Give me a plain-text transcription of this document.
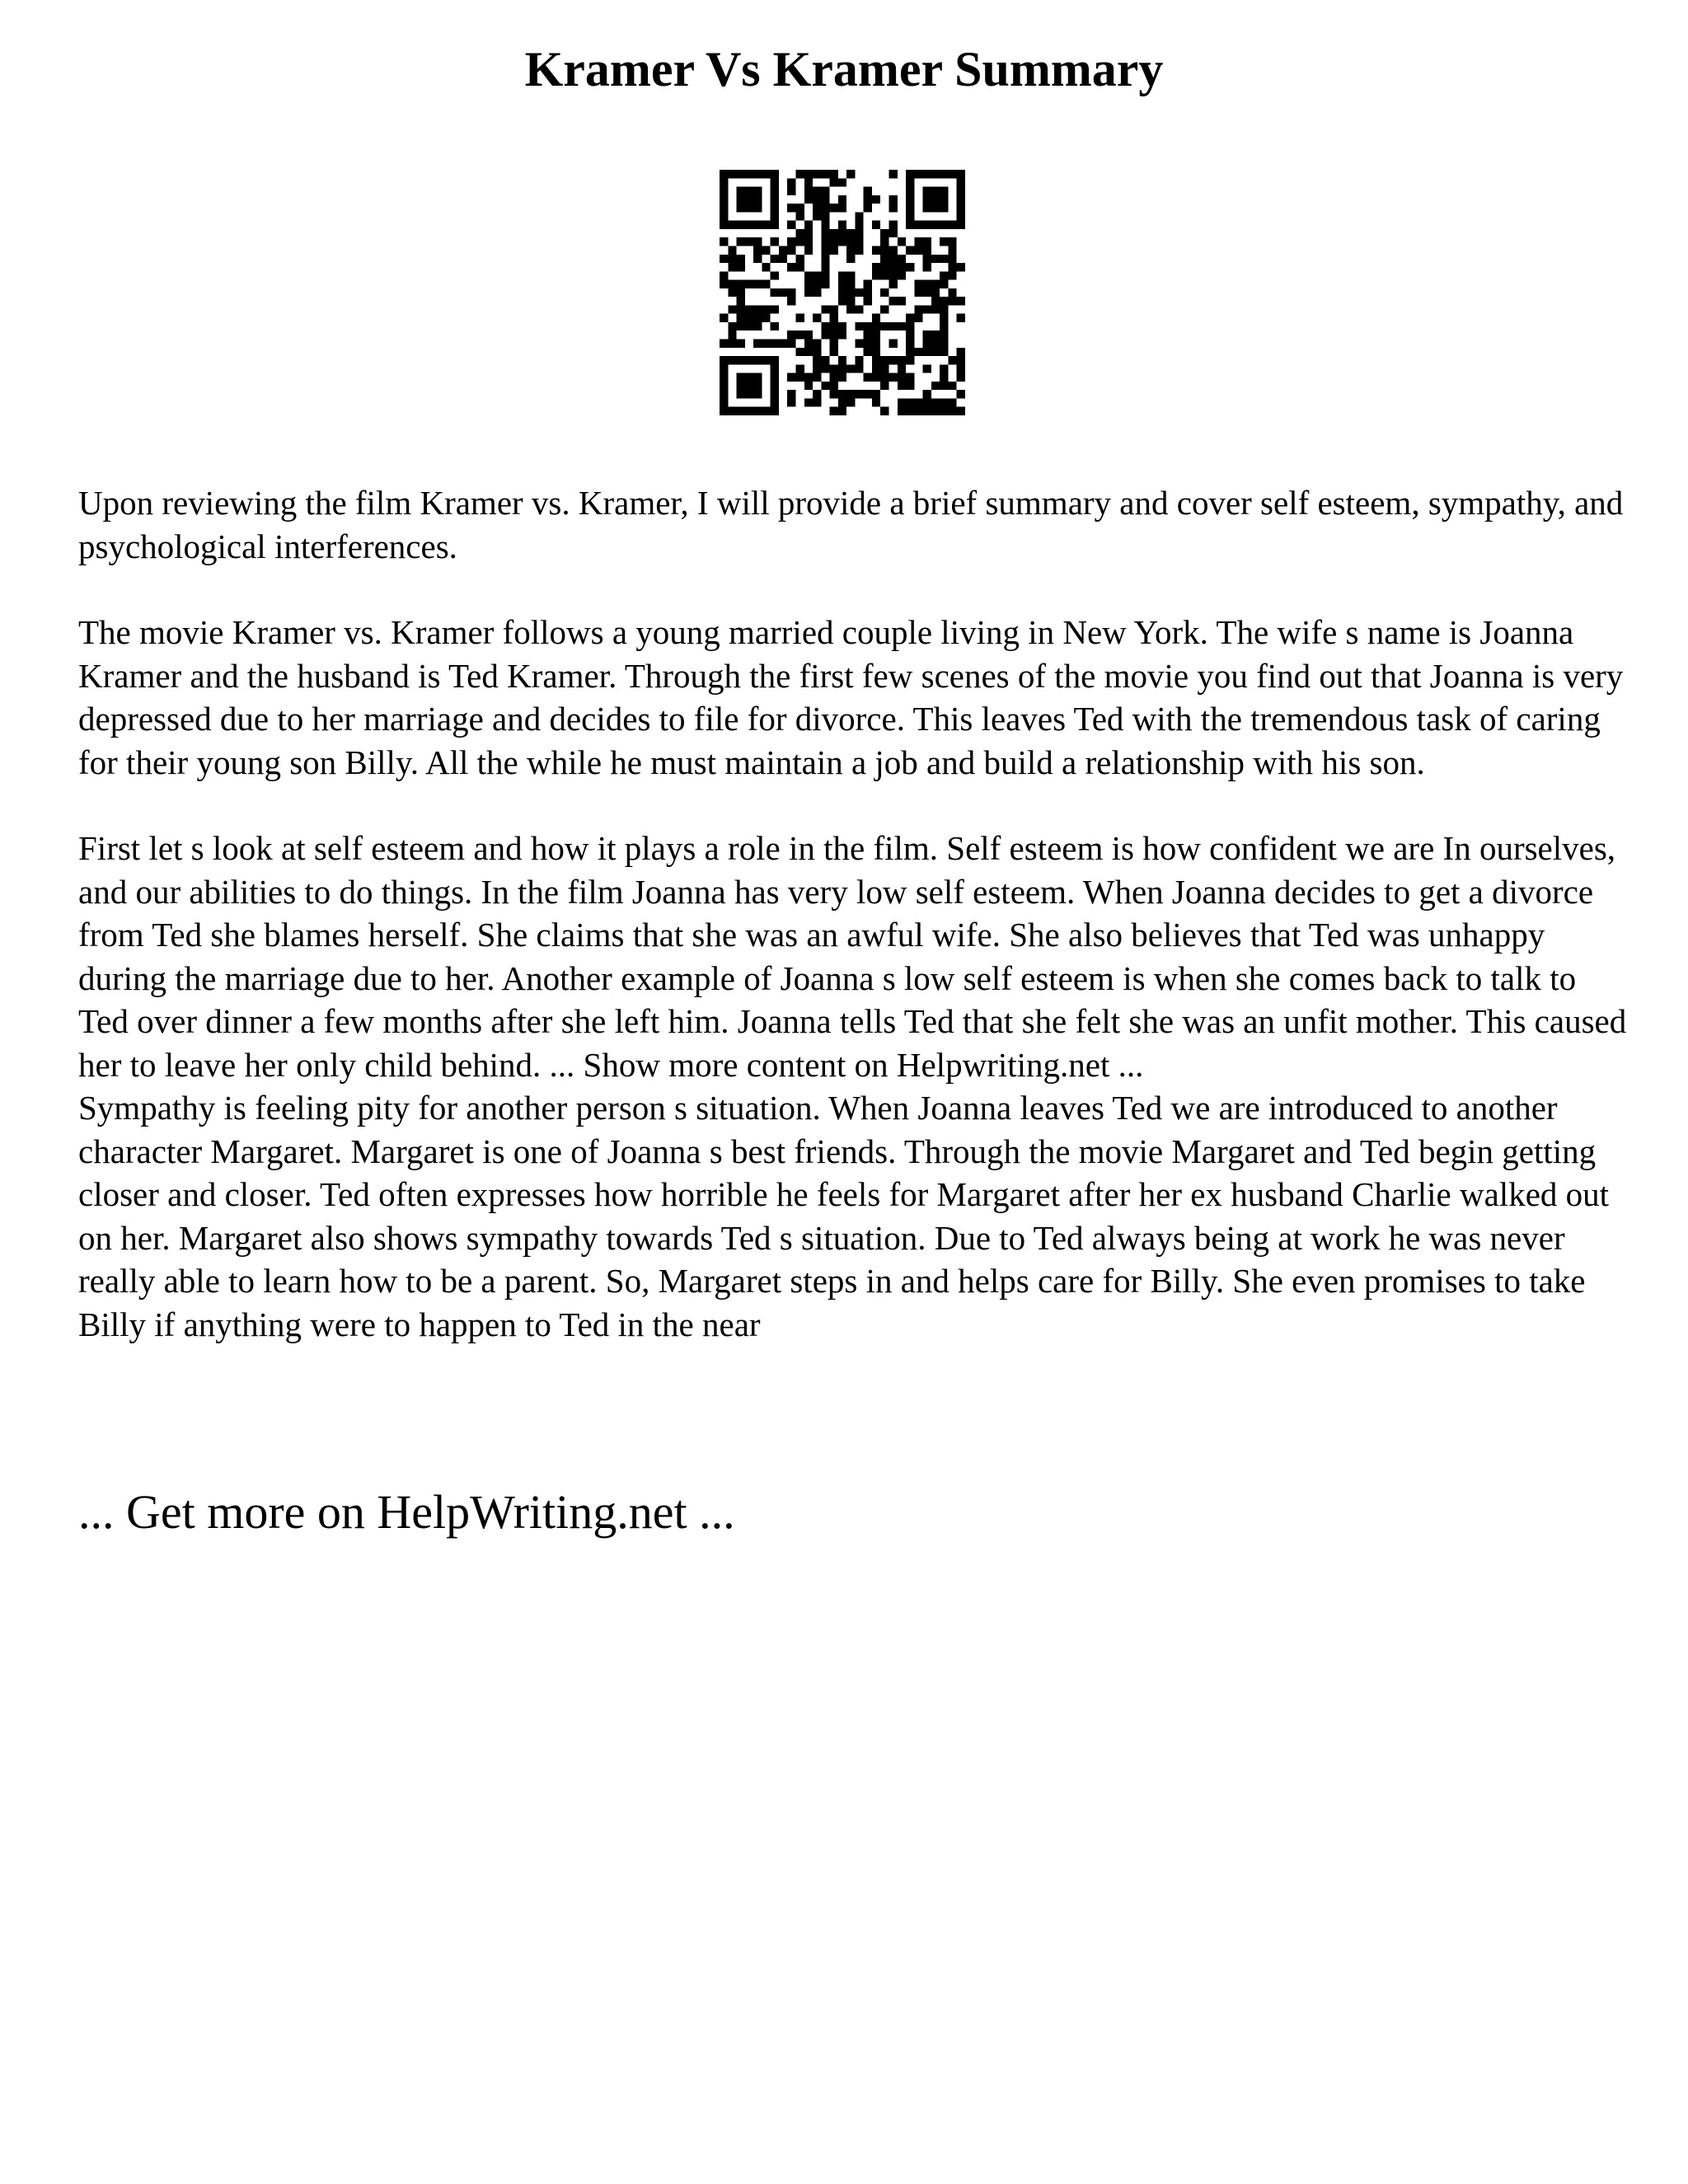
Kramer Vs Kramer Summary

Upon reviewing the film Kramer vs. Kramer, I will provide a brief summary and cover self esteem, sympathy, and psychological interferences.

The movie Kramer vs. Kramer follows a young married couple living in New York. The wife s name is Joanna Kramer and the husband is Ted Kramer. Through the first few scenes of the movie you find out that Joanna is very depressed due to her marriage and decides to file for divorce. This leaves Ted with the tremendous task of caring for their young son Billy. All the while he must maintain a job and build a relationship with his son.

First let s look at self esteem and how it plays a role in the film. Self esteem is how confident we are In ourselves, and our abilities to do things. In the film Joanna has very low self esteem. When Joanna decides to get a divorce from Ted she blames herself. She claims that she was an awful wife. She also believes that Ted was unhappy during the marriage due to her. Another example of Joanna s low self esteem is when she comes back to talk to Ted over dinner a few months after she left him. Joanna tells Ted that she felt she was an unfit mother. This caused her to leave her only child behind. ... Show more content on Helpwriting.net ...

Sympathy is feeling pity for another person s situation. When Joanna leaves Ted we are introduced to another character Margaret. Margaret is one of Joanna s best friends. Through the movie Margaret and Ted begin getting closer and closer. Ted often expresses how horrible he feels for Margaret after her ex husband Charlie walked out on her. Margaret also shows sympathy towards Ted s situation. Due to Ted always being at work he was never really able to learn how to be a parent. So, Margaret steps in and helps care for Billy. She even promises to take Billy if anything were to happen to Ted in the near

... Get more on HelpWriting.net ...
